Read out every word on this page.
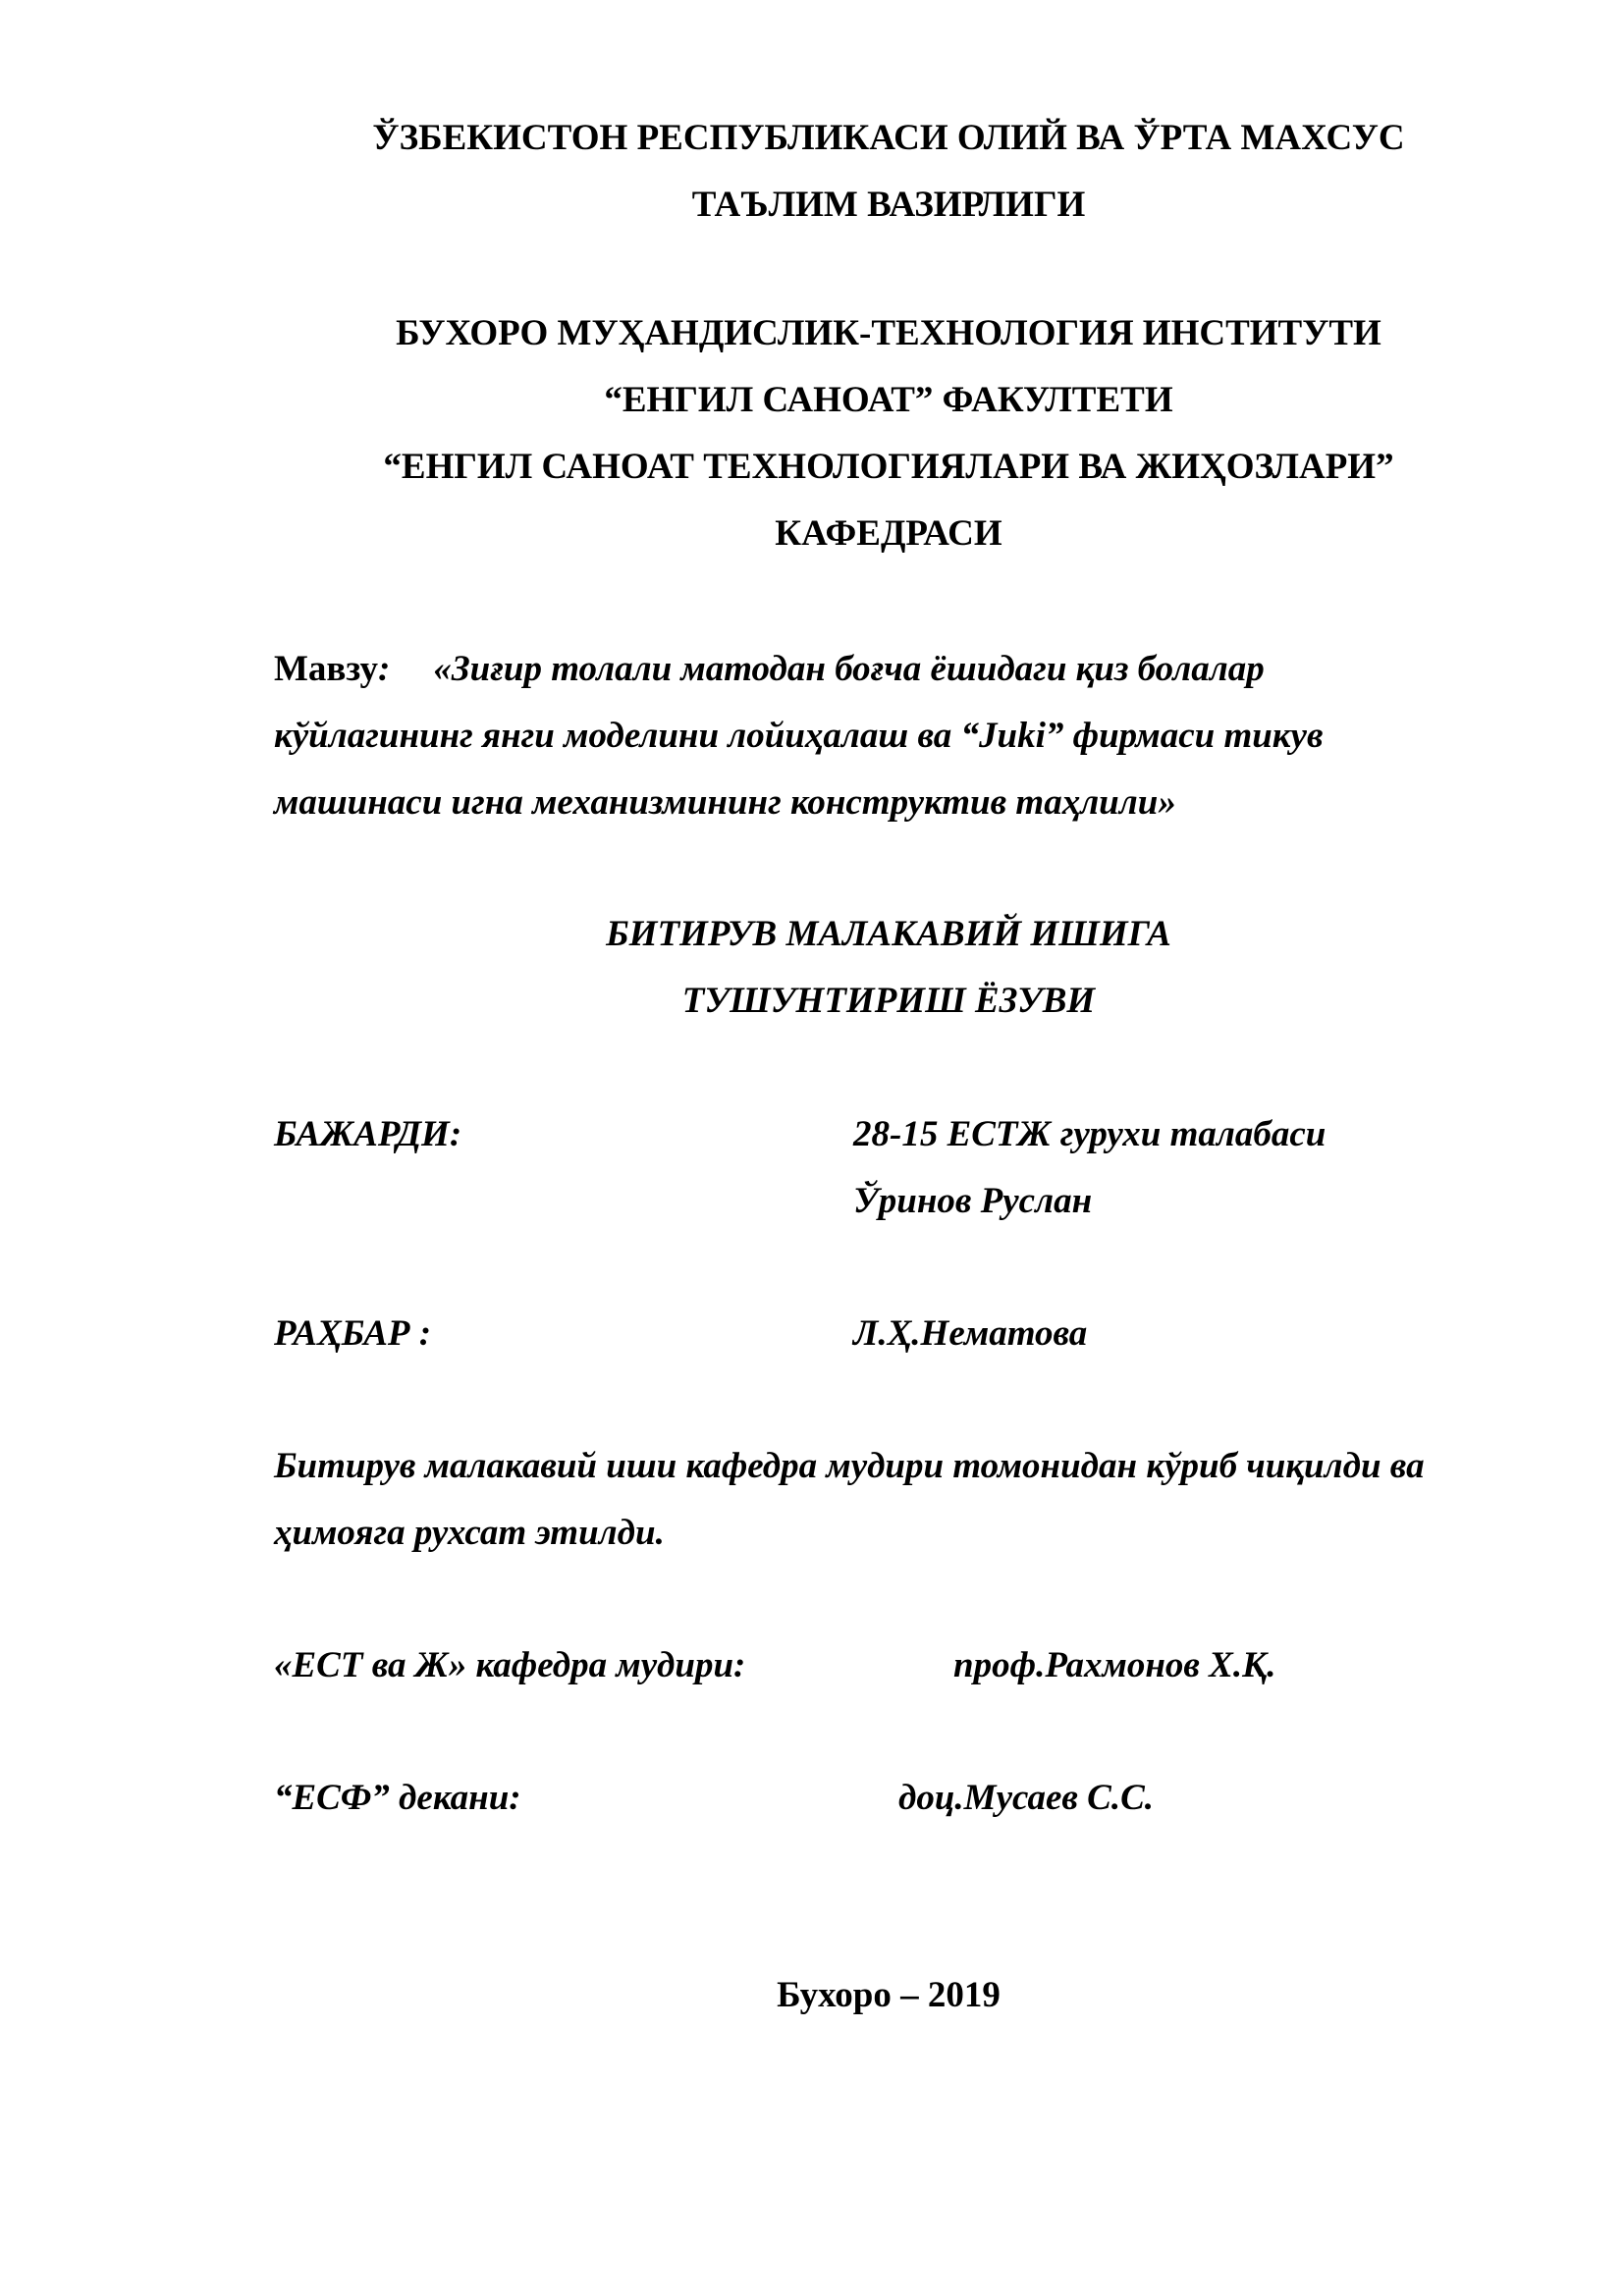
ЎЗБЕКИСТОН РЕСПУБЛИКАСИ ОЛИЙ ВА ЎРТА МАХСУС
ТАЪЛИМ ВАЗИРЛИГИ
БУХОРО МУҲАНДИСЛИК-ТЕХНОЛОГИЯ ИНСТИТУТИ
“ЕНГИЛ САНОАТ” ФАКУЛТЕТИ
“ЕНГИЛ САНОАТ ТЕХНОЛОГИЯЛАРИ ВА ЖИҲОЗЛАРИ”
КАФЕДРАСИ
Мавзу: «Зиғир толали матодан боғча ёшидаги қиз болалар
кўйлагининг янги моделини лойиҳалаш ва “Juki” фирмаси тикув
машинаси игна механизмининг конструктив таҳлили»
БИТИРУВ МАЛАКАВИЙ ИШИГА
ТУШУНТИРИШ ЁЗУВИ
БАЖАРДИ:	28-15 ЕСТЖ гурухи талабаси
Ўринов Руслан
РАҲБАР :	Л.Ҳ.Нематова
Битирув малакавий иши кафедра мудири томонидан кўриб чиқилди ва
ҳимояга рухсат этилди.
«ЕСТ ва Ж» кафедра мудири:	проф.Рахмонов Х.Қ.
“ЕСФ” декани:	доц.Мусаев С.С.
Бухоро – 2019
